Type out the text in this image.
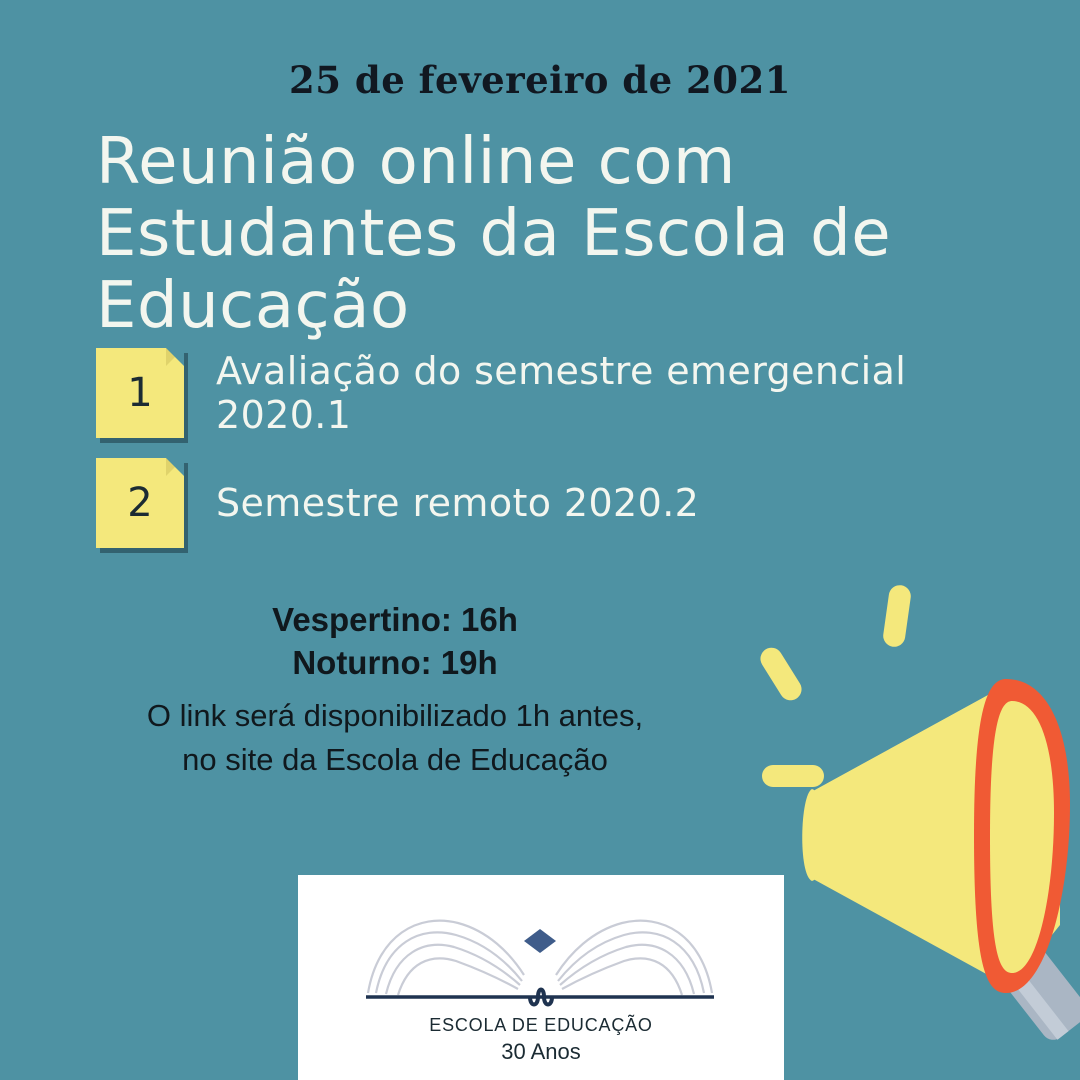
25 de fevereiro de 2021
Reunião online com Estudantes da Escola de Educação
1 Avaliação do semestre emergencial 2020.1
2 Semestre remoto 2020.2
Vespertino: 16h
Noturno: 19h
O link será disponibilizado 1h antes,
no site da Escola de Educação
ESCOLA DE EDUCAÇÃO
30 Anos
